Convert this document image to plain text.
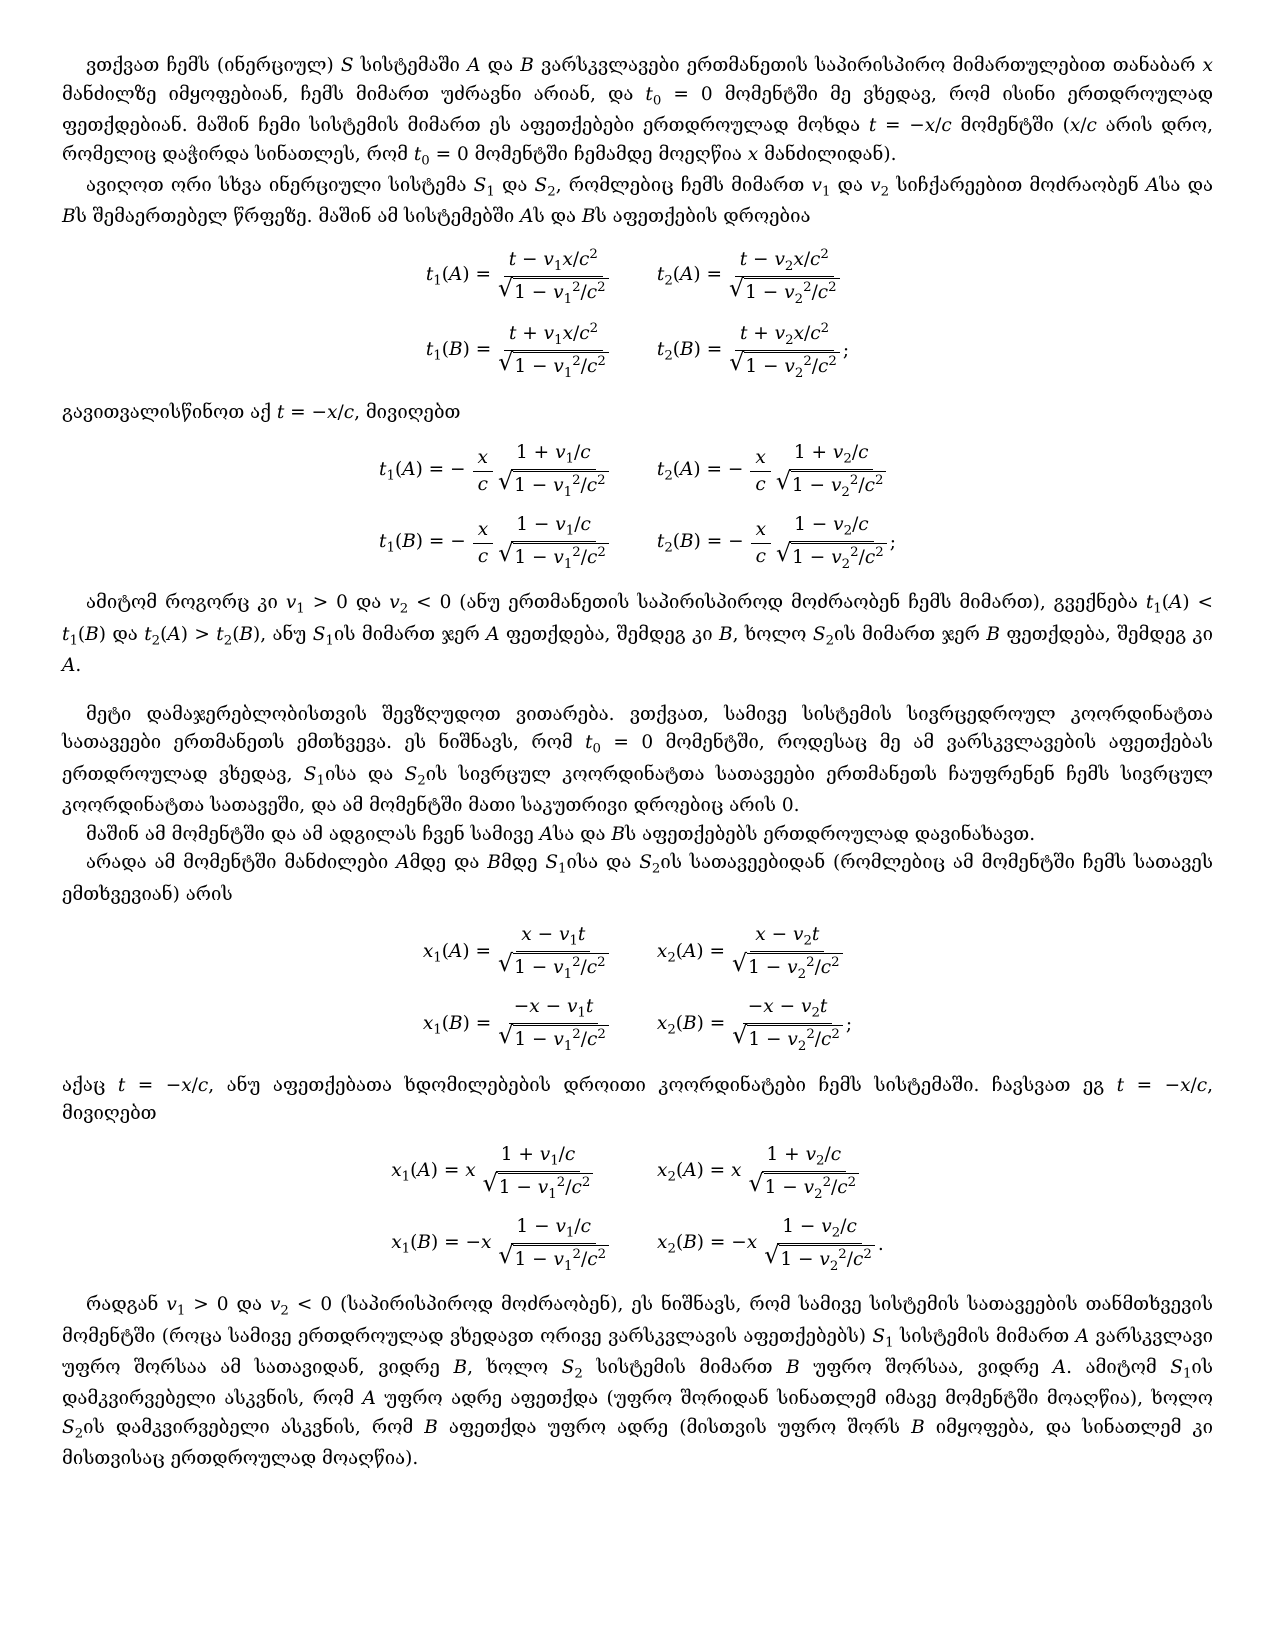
ვთქვათ ჩემს (ინერციულ) S სისტემაში A და B ვარსკვლავები ერთმანეთის საპირისპირო მიმართულებით თანაბარ x მანძილზე იმყოფებიან, ჩემს მიმართ უძრავნი არიან, და $t_0 = 0$ მომენტში მე ვხედავ, რომ ისინი ერთდროულად ფეთქდებიან. მაშინ ჩემი სისტემის მიმართ ეს აფეთქებები ერთდროულად მოხდა t = −x/c მომენტში (x/c არის დრო, რომელიც დაჭირდა სინათლეს, რომ $t_0 = 0$ მომენტში ჩემამდე მოეღწია x მანძილიდან).

ავიღოთ ორი სხვა ინერციული სისტემა $S_1$ და $S_2$, რომლებიც ჩემს მიმართ $v_1$ და $v_2$ სიჩქარეებით მოძრაობენ Aსა და Bს შემაერთებელ წრფეზე. მაშინ ამ სისტემებში Aს და Bს აფეთქების დროებია

$t_1(A) = \frac{t - v_1x/c^2}{√ 1 - v_1^2/c^2}$	$t_2(A) = \frac{t - v_2x/c^2}{√ 1 - v_2^2/c^2}$
$t_1(B) = \frac{t + v_1x/c^2}{√ 1 - v_1^2/c^2}$	$t_2(B) = \frac{t + v_2x/c^2}{√ 1 - v_2^2/c^2}$ ;

გავითვალისწინოთ აქ t = −x/c, მივიღებთ

$t_1(A)$ = − $\frac{x}{c} \frac{1 + v_1/c}{√ 1 - v_1^2/c^2}$	$t_2(A)$ = − $\frac{x}{c} \frac{1 + v_2/c}{√ 1 - v_2^2/c^2}$
$t_1(B)$ = − $\frac{x}{c} \frac{1 - v_1/c}{√ 1 - v_1^2/c^2}$	$t_2(B)$ = − $\frac{x}{c} \frac{1 - v_2/c}{√ 1 - v_2^2/c^2}$ ;

ამიტომ როგორც კი $v_1 > 0$ და $v_2 < 0$ (ანუ ერთმანეთის საპირისპიროდ მოძრაობენ ჩემს მიმართ), გვექნება $t_1(A) < t_1(B)$ და $t_2(A) > t_2(B)$, ანუ $S_1ის$ მიმართ ჯერ A ფეთქდება, შემდეგ კი B, ხოლო $S_2ის$ მიმართ ჯერ B ფეთქდება, შემდეგ კი A.

მეტი დამაჯერებლობისთვის შევზღუდოთ ვითარება. ვთქვათ, სამივე სისტემის სივრცედროულ კოორდინატთა სათავეები ერთმანეთს ემთხვევა. ეს ნიშნავს, რომ $t_0 = 0$ მომენტში, როდესაც მე ამ ვარსკვლავების აფეთქებას ერთდროულად ვხედავ, $S_1ისა$ და $S_2ის$ სივრცულ კოორდინატთა სათავეები ერთმანეთს ჩაუფრენენ ჩემს სივრცულ კოორდინატთა სათავეში, და ამ მომენტში მათი საკუთრივი დროებიც არის 0.

მაშინ ამ მომენტში და ამ ადგილას ჩვენ სამივე Aსა და Bს აფეთქებებს ერთდროულად დავინახავთ.

არადა ამ მომენტში მანძილები Aმდე და Bმდე $S_1ისა$ და $S_2ის$ სათავეებიდან (რომლებიც ამ მომენტში ჩემს სათავეს ემთხვევიან) არის

$x_1(A) = \frac{x - v_1t}{√ 1 - v_1^2/c^2}$	$x_2(A) = \frac{x - v_2t}{√ 1 - v_2^2/c^2}$
$x_1(B) = \frac{-x - v_1t}{√ 1 - v_1^2/c^2}$	$x_2(B) = \frac{-x - v_2t}{√ 1 - v_2^2/c^2}$ ;

აქაც t = −x/c, ანუ აფეთქებათა ხდომილებების დროითი კოორდინატები ჩემს სისტემაში. ჩავსვათ ეგ t = −x/c, მივიღებთ

$x_1(A) = x \frac{1 + v_1/c}{√ 1 - v_1^2/c^2}$	$x_2(A) = x \frac{1 + v_2/c}{√ 1 - v_2^2/c^2}$
$x_1(B) = -x \frac{1 - v_1/c}{√ 1 - v_1^2/c^2}$	$x_2(B) = -x \frac{1 - v_2/c}{√ 1 - v_2^2/c^2}$ .

რადგან $v_1 > 0$ და $v_2 < 0$ (საპირისპიროდ მოძრაობენ), ეს ნიშნავს, რომ სამივე სისტემის სათავეების თანმთხვევის მომენტში (როცა სამივე ერთდროულად ვხედავთ ორივე ვარსკვლავის აფეთქებებს) $S_1$ სისტემის მიმართ A ვარსკვლავი უფრო შორსაა ამ სათავიდან, ვიდრე B, ხოლო $S_2$ სისტემის მიმართ B უფრო შორსაა, ვიდრე A. ამიტომ $S_1ის$ დამკვირვებელი ასკვნის, რომ A უფრო ადრე აფეთქდა (უფრო შორიდან სინათლემ იმავე მომენტში მოაღწია), ხოლო $S_2ის$ დამკვირვებელი ასკვნის, რომ B აფეთქდა უფრო ადრე (მისთვის უფრო შორს B იმყოფება, და სინათლემ კი მისთვისაც ერთდროულად მოაღწია).
